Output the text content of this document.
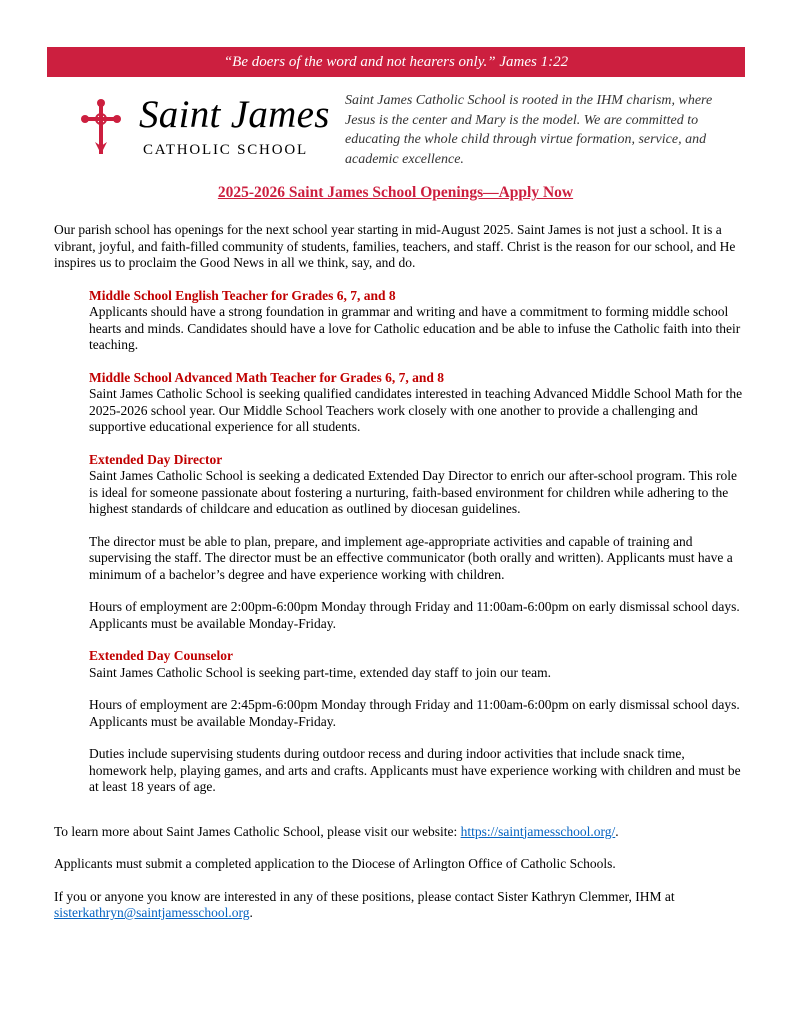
“Be doers of the word and not hearers only.” James 1:22
Saint James
CATHOLIC SCHOOL
Saint James Catholic School is rooted in the IHM charism, where Jesus is the center and Mary is the model. We are committed to educating the whole child through virtue formation, service, and academic excellence.
2025-2026 Saint James School Openings—Apply Now

Our parish school has openings for the next school year starting in mid-August 2025. Saint James is not just a school. It is a vibrant, joyful, and faith-filled community of students, families, teachers, and staff. Christ is the reason for our school, and He inspires us to proclaim the Good News in all we think, say, and do.

Middle School English Teacher for Grades 6, 7, and 8

Applicants should have a strong foundation in grammar and writing and have a commitment to forming middle school hearts and minds. Candidates should have a love for Catholic education and be able to infuse the Catholic faith into their teaching.

Middle School Advanced Math Teacher for Grades 6, 7, and 8

Saint James Catholic School is seeking qualified candidates interested in teaching Advanced Middle School Math for the 2025-2026 school year. Our Middle School Teachers work closely with one another to provide a challenging and supportive educational experience for all students.

Extended Day Director

Saint James Catholic School is seeking a dedicated Extended Day Director to enrich our after-school program. This role is ideal for someone passionate about fostering a nurturing, faith-based environment for children while adhering to the highest standards of childcare and education as outlined by diocesan guidelines.

The director must be able to plan, prepare, and implement age-appropriate activities and capable of training and supervising the staff. The director must be an effective communicator (both orally and written). Applicants must have a minimum of a bachelor’s degree and have experience working with children.

Hours of employment are 2:00pm-6:00pm Monday through Friday and 11:00am-6:00pm on early dismissal school days. Applicants must be available Monday-Friday.

Extended Day Counselor

Saint James Catholic School is seeking part-time, extended day staff to join our team.

Hours of employment are 2:45pm-6:00pm Monday through Friday and 11:00am-6:00pm on early dismissal school days. Applicants must be available Monday-Friday.

Duties include supervising students during outdoor recess and during indoor activities that include snack time, homework help, playing games, and arts and crafts. Applicants must have experience working with children and must be at least 18 years of age.

To learn more about Saint James Catholic School, please visit our website: https://saintjamesschool.org/.

Applicants must submit a completed application to the Diocese of Arlington Office of Catholic Schools.

If you or anyone you know are interested in any of these positions, please contact Sister Kathryn Clemmer, IHM at sisterkathryn@saintjamesschool.org.
